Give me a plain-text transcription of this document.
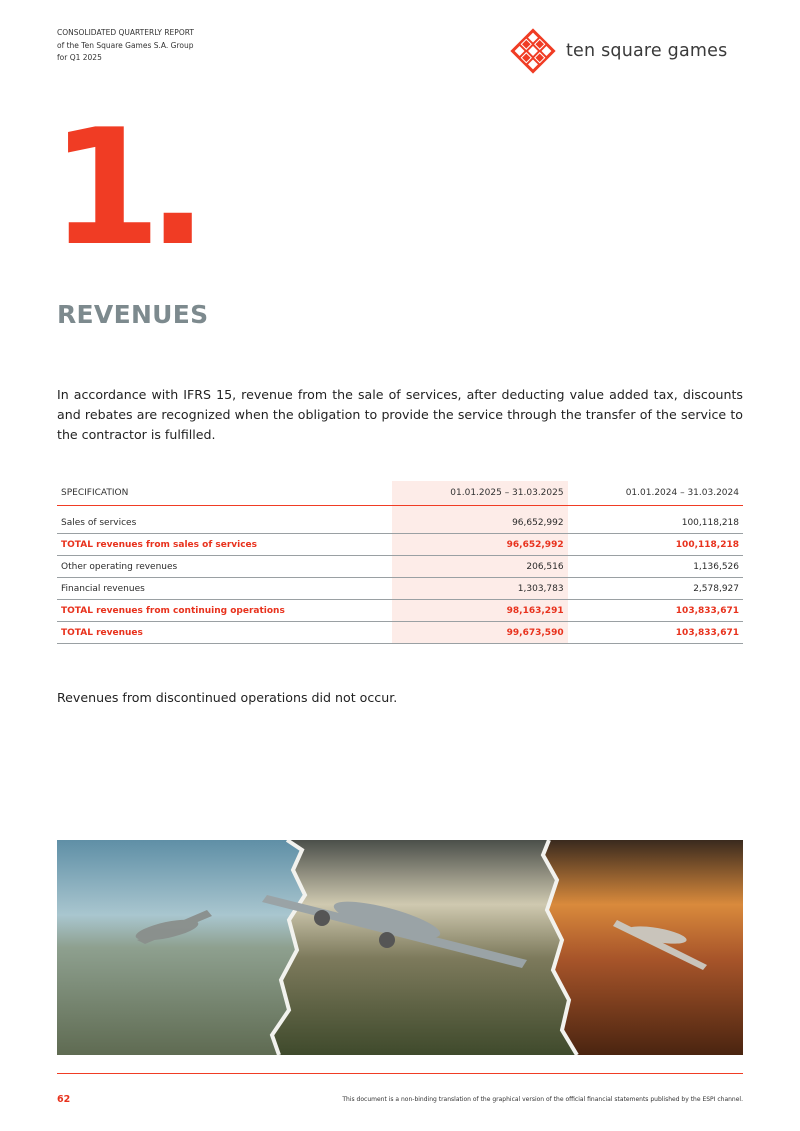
CONSOLIDATED QUARTERLY REPORT
of the Ten Square Games S.A. Group
for Q1 2025	ten square games
1.
REVENUES
In accordance with IFRS 15, revenue from the sale of services, after deducting value added tax, discounts and rebates are recognized when the obligation to provide the service through the transfer of the service to the contractor is fulfilled.
SPECIFICATION	01.01.2025 – 31.03.2025	01.01.2024 – 31.03.2024

Sales of services	96,652,992	100,118,218
TOTAL revenues from sales of services	96,652,992	100,118,218
Other operating revenues	206,516	1,136,526
Financial revenues	1,303,783	2,578,927
TOTAL revenues from continuing operations	98,163,291	103,833,671
TOTAL revenues	99,673,590	103,833,671
Revenues from discontinued operations did not occur.
62	This document is a non-binding translation of the graphical version of the official financial statements published by the ESPI channel.
